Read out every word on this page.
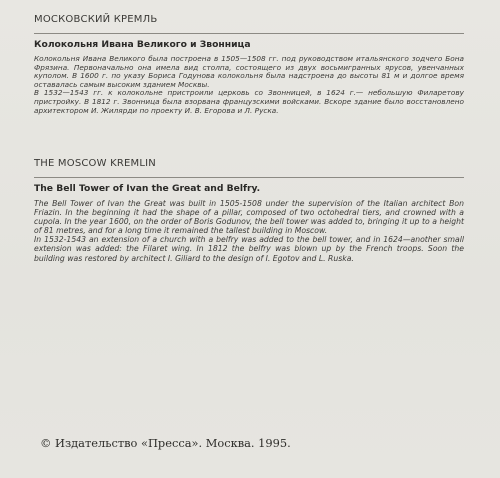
МОСКОВСКИЙ КРЕМЛЬ
Колокольня Ивана Великого и Звонница

Колокольня Ивана Великого была построена в 1505—1508 гг. под руководством итальянского зодчего Бона Фрязина. Первоначально она имела вид столпа, состоящего из двух восьмигранных ярусов, увенчанных куполом. В 1600 г. по указу Бориса Годунова колокольня была надстроена до высоты 81 м и долгое время оставалась самым высоким зданием Москвы.

В 1532—1543 гг. к колокольне пристроили церковь со Звонницей, в 1624 г.— небольшую Филаретову пристройку. В 1812 г. Звонница была взорвана французскими войсками. Вскоре здание было восстановлено архитектором И. Жилярди по проекту И. В. Егорова и Л. Руска.

THE MOSCOW KREMLIN
The Bell Tower of Ivan the Great and Belfry.

The Bell Tower of Ivan the Great was built in 1505-1508 under the supervision of the Italian architect Bon Friazin. In the beginning it had the shape of a pillar, composed of two octohedral tiers, and crowned with a cupola. In the year 1600, on the order of Boris Godunov, the bell tower was added to, bringing it up to a height of 81 metres, and for a long time it remained the tallest building in Moscow.

In 1532-1543 an extension of a church with a belfry was added to the bell tower, and in 1624—another small extension was added: the Filaret wing. In 1812 the belfry was blown up by the French troops. Soon the building was restored by architect I. Giliard to the design of I. Egotov and L. Ruska.

© Издательство «Пресса». Москва. 1995.
